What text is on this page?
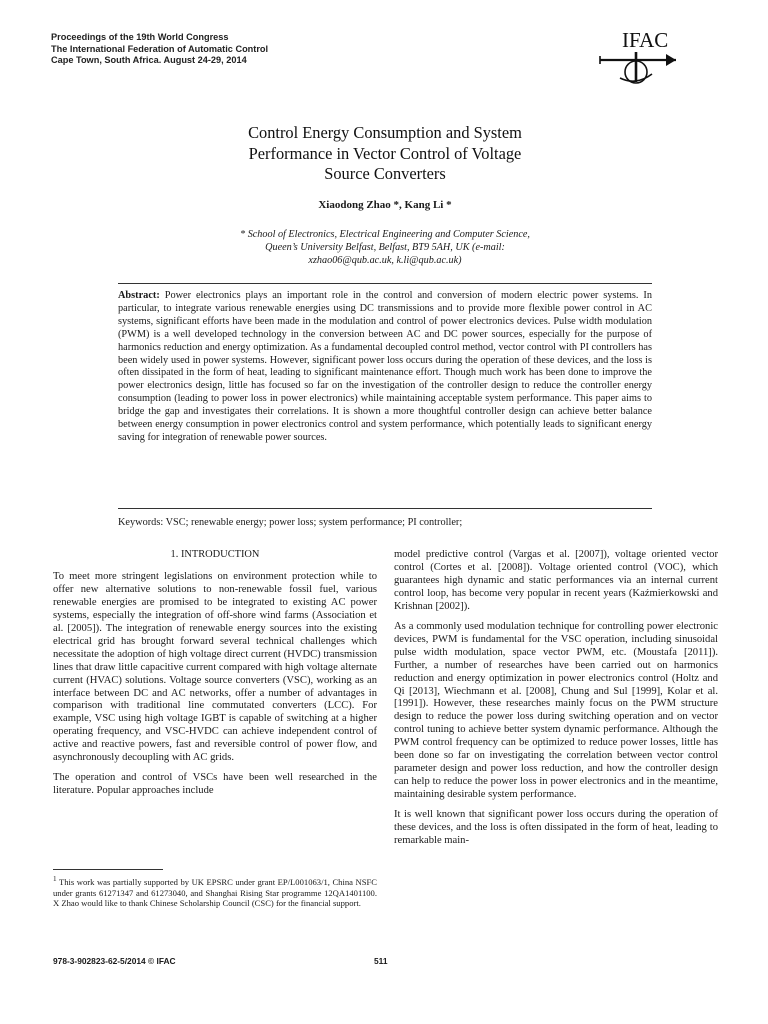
Proceedings of the 19th World Congress
The International Federation of Automatic Control
Cape Town, South Africa. August 24-29, 2014
IFAC
Control Energy Consumption and System
Performance in Vector Control of Voltage
Source Converters
Xiaodong Zhao *, Kang Li *
* School of Electronics, Electrical Engineering and Computer Science,
Queen’s University Belfast, Belfast, BT9 5AH, UK (e-mail:
xzhao06@qub.ac.uk, k.li@qub.ac.uk)
Abstract: Power electronics plays an important role in the control and conversion of modern electric power systems. In particular, to integrate various renewable energies using DC transmissions and to provide more flexible power control in AC systems, significant efforts have been made in the modulation and control of power electronics devices. Pulse width modulation (PWM) is a well developed technology in the conversion between AC and DC power sources, especially for the purpose of harmonics reduction and energy optimization. As a fundamental decoupled control method, vector control with PI controllers has been widely used in power systems. However, significant power loss occurs during the operation of these devices, and the loss is often dissipated in the form of heat, leading to significant maintenance effort. Though much work has been done to improve the power electronics design, little has focused so far on the investigation of the controller design to reduce the controller energy consumption (leading to power loss in power electronics) while maintaining acceptable system performance. This paper aims to bridge the gap and investigates their correlations. It is shown a more thoughtful controller design can achieve better balance between energy consumption in power electronics control and system performance, which potentially leads to significant energy saving for integration of renewable power sources.
Keywords: VSC; renewable energy; power loss; system performance; PI controller;
1. INTRODUCTION

To meet more stringent legislations on environment protection while to offer new alternative solutions to non-renewable fossil fuel, various renewable energies are promised to be integrated to existing AC power systems, especially the integration of off-shore wind farms (Association et al. [2005]). The integration of renewable energy sources into the existing electrical grid has brought forward several technical challenges which necessitate the adoption of high voltage direct current (HVDC) transmission lines that draw little capacitive current compared with high voltage alternate current (HVAC) solutions. Voltage source converters (VSC), working as an interface between DC and AC networks, offer a number of advantages in comparison with traditional line commutated converters (LCC). For example, VSC using high voltage IGBT is capable of switching at a higher operating frequency, and VSC-HVDC can achieve independent control of active and reactive powers, fast and reversible control of power flow, and asynchronously decoupling with AC grids.

The operation and control of VSCs have been well researched in the literature. Popular approaches include

model predictive control (Vargas et al. [2007]), voltage oriented vector control (Cortes et al. [2008]). Voltage oriented control (VOC), which guarantees high dynamic and static performances via an internal current control loop, has become very popular in recent years (Kaźmierkowski and Krishnan [2002]).

As a commonly used modulation technique for controlling power electronic devices, PWM is fundamental for the VSC operation, including sinusoidal pulse width modulation, space vector PWM, etc. (Moustafa [2011]). Further, a number of researches have been carried out on harmonics reduction and energy optimization in power electronics control (Holtz and Qi [2013], Wiechmann et al. [2008], Chung and Sul [1999], Kolar et al. [1991]). However, these researches mainly focus on the PWM structure design to reduce the power loss during switching operation and on vector control tuning to achieve better system dynamic performance. Although the PWM control frequency can be optimized to reduce power losses, little has been done so far on investigating the correlation between vector control parameter design and power loss reduction, and how the controller design can help to reduce the power loss in power electronics and in the meantime, maintaining desirable system performance.

It is well known that significant power loss occurs during the operation of these devices, and the loss is often dissipated in the form of heat, leading to remarkable main-

$^1$ This work was partially supported by UK EPSRC under grant EP/L001063/1, China NSFC under grants 61271347 and 61273040, and Shanghai Rising Star programme 12QA1401100. X Zhao would like to thank Chinese Scholarship Council (CSC) for the financial support.
978-3-902823-62-5/2014 © IFAC	511
